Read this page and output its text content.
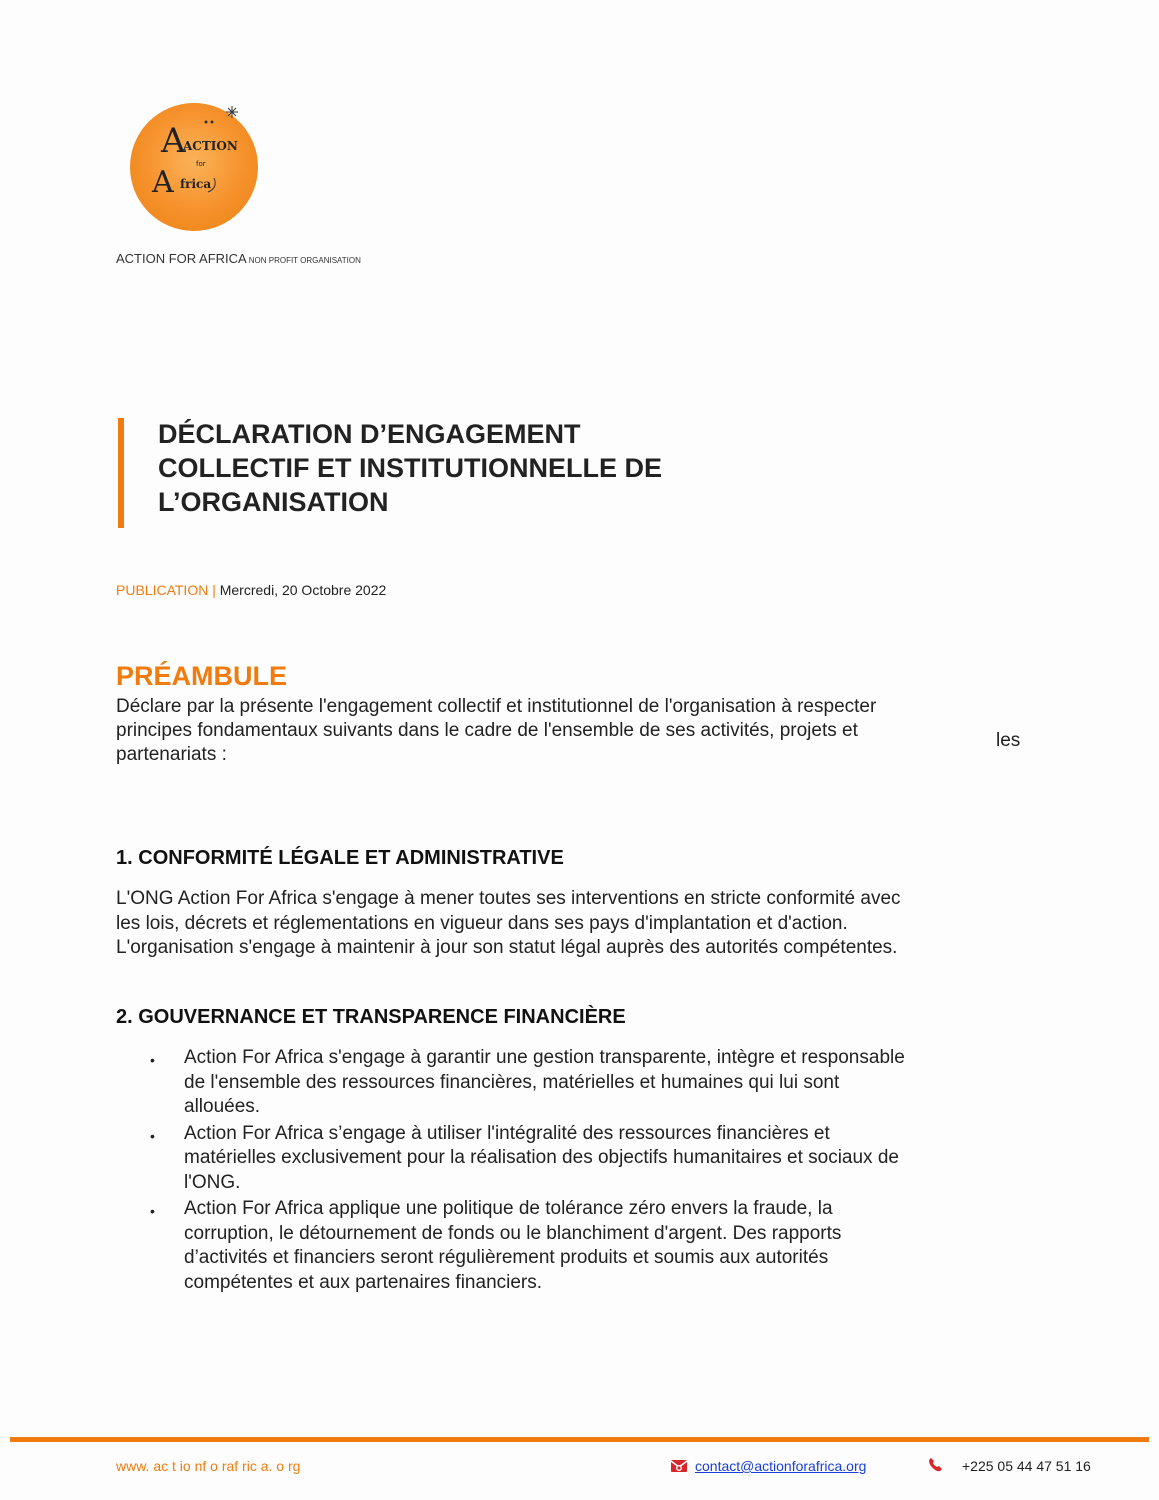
A
ACTION
for
A frica
ACTION FOR AFRICA NON PROFIT ORGANISATION
DÉCLARATION D’ENGAGEMENT
COLLECTIF ET INSTITUTIONNELLE DE
L’ORGANISATION
PUBLICATION | Mercredi, 20 Octobre 2022
PRÉAMBULE

Déclare par la présente l'engagement collectif et institutionnel de l'organisation à respecter
principes fondamentaux suivants dans le cadre de l'ensemble de ses activités, projets et
partenariats :

les
1. CONFORMITÉ LÉGALE ET ADMINISTRATIVE

L'ONG Action For Africa s'engage à mener toutes ses interventions en stricte conformité avec
les lois, décrets et réglementations en vigueur dans ses pays d'implantation et d'action.
L'organisation s'engage à maintenir à jour son statut légal auprès des autorités compétentes.

2. GOUVERNANCE ET TRANSPARENCE FINANCIÈRE
• Action For Africa s'engage à garantir une gestion transparente, intègre et responsable
de l'ensemble des ressources financières, matérielles et humaines qui lui sont
allouées.
• Action For Africa s’engage à utiliser l'intégralité des ressources financières et
matérielles exclusivement pour la réalisation des objectifs humanitaires et sociaux de
l'ONG.
• Action For Africa applique une politique de tolérance zéro envers la fraude, la
corruption, le détournement de fonds ou le blanchiment d'argent. Des rapports
d’activités et financiers seront régulièrement produits et soumis aux autorités
compétentes et aux partenaires financiers.
www. ac t io nf o raf ric a. o rg	contact@actionforafrica.org	+225 05 44 47 51 16
